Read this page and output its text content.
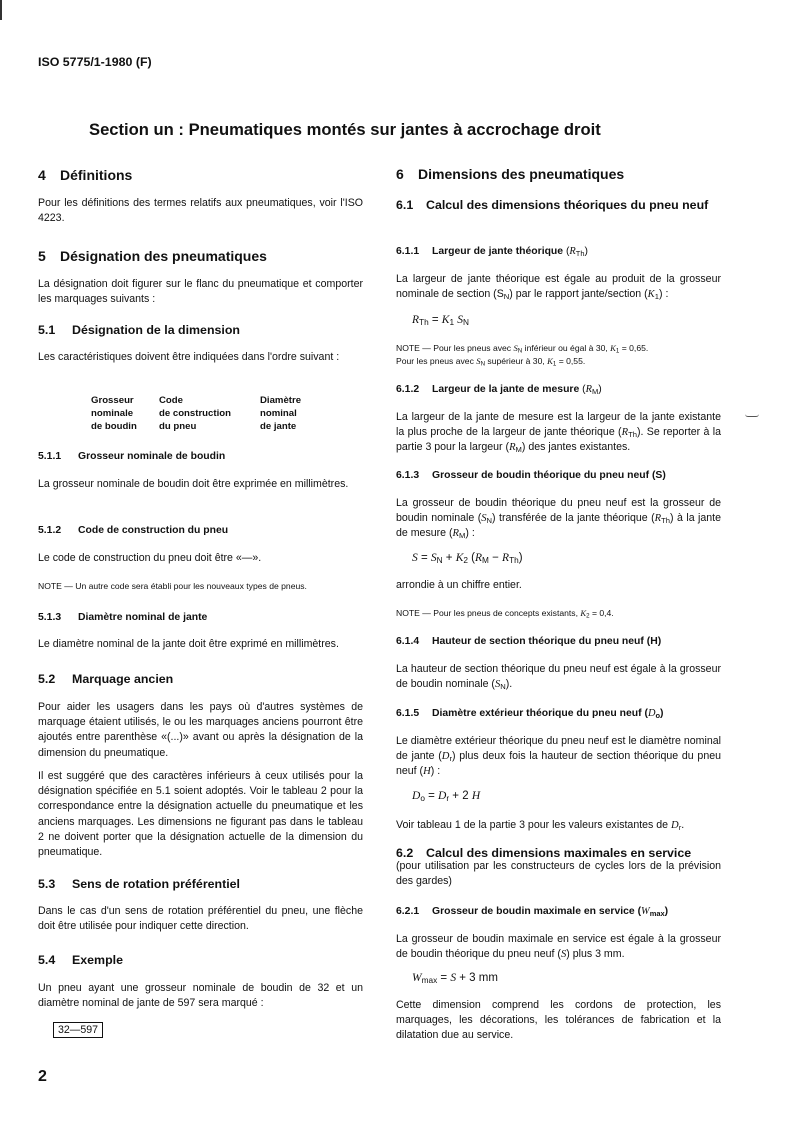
ISO 5775/1-1980 (F)
Section un : Pneumatiques montés sur jantes à accrochage droit
4 Définitions

Pour les définitions des termes relatifs aux pneumatiques, voir l'ISO 4223.

5 Désignation des pneumatiques

La désignation doit figurer sur le flanc du pneumatique et comporter les marquages suivants :

5.1 Désignation de la dimension

Les caractéristiques doivent être indiquées dans l'ordre suivant :

Grosseur
nominale
de boudin
Code
de construction
du pneu
Diamètre
nominal
de jante
5.1.1 Grosseur nominale de boudin

La grosseur nominale de boudin doit être exprimée en millimètres.

5.1.2 Code de construction du pneu

Le code de construction du pneu doit être «—».

NOTE — Un autre code sera établi pour les nouveaux types de pneus.

5.1.3 Diamètre nominal de jante

Le diamètre nominal de la jante doit être exprimé en millimètres.

5.2 Marquage ancien

Pour aider les usagers dans les pays où d'autres systèmes de marquage étaient utilisés, le ou les marquages anciens pourront être ajoutés entre parenthèse «(...)» avant ou après la désignation de la dimension du pneumatique.

Il est suggéré que des caractères inférieurs à ceux utilisés pour la désignation spécifiée en 5.1 soient adoptés. Voir le tableau 2 pour la correspondance entre la désignation actuelle du pneumatique et les anciens marquages. Les dimensions ne figurant pas dans le tableau 2 ne doivent porter que la désignation actuelle de la dimension du pneumatique.

5.3 Sens de rotation préférentiel

Dans le cas d'un sens de rotation préférentiel du pneu, une flèche doit être utilisée pour indiquer cette direction.

5.4 Exemple

Un pneu ayant une grosseur nominale de boudin de 32 et un diamètre nominal de jante de 597 sera marqué :

32—597
2
6 Dimensions des pneumatiques
6.1 Calcul des dimensions théoriques du pneu neuf
6.1.1 Largeur de jante théorique $(R_{Th})$

La largeur de jante théorique est égale au produit de la grosseur nominale de section $(S_N)$ par le rapport jante/section $(K_1)$ :

$R_{Th} = K_1$ $S_N$

NOTE — Pour les pneus avec $S_N$ inférieur ou égal à 30, $K_1 = 0,65$.
Pour les pneus avec $S_N$ supérieur à 30, $K_1 = 0,55$.

6.1.2 Largeur de la jante de mesure $(R_M)$

La largeur de la jante de mesure est la largeur de la jante existante la plus proche de la largeur de jante théorique $(R_{Th})$. Se reporter à la partie 3 pour la largeur $(R_M)$ des jantes existantes.

6.1.3 Grosseur de boudin théorique du pneu neuf (S)

La grosseur de boudin théorique du pneu neuf est la grosseur de boudin nominale $(S_N)$ transférée de la jante théorique $(R_{Th})$ à la jante de mesure $(R_M)$ :

$S = S_N + K_2$ $(R_M - R_{Th})$

arrondie à un chiffre entier.

NOTE — Pour les pneus de concepts existants, $K_2 = 0,4$.

6.1.4 Hauteur de section théorique du pneu neuf (H)

La hauteur de section théorique du pneu neuf est égale à la grosseur de boudin nominale $(S_N)$.

6.1.5 Diamètre extérieur théorique du pneu neuf $(D_o)$

Le diamètre extérieur théorique du pneu neuf est le diamètre nominal de jante $(D_r)$ plus deux fois la hauteur de section théorique du pneu neuf (H) :

$D_o = D_r + 2$ H

Voir tableau 1 de la partie 3 pour les valeurs existantes de $D_r$.

6.2 Calcul des dimensions maximales en service

(pour utilisation par les constructeurs de cycles lors de la prévision des gardes)

6.2.1 Grosseur de boudin maximale en service $(W_{max})$

La grosseur de boudin maximale en service est égale à la grosseur de boudin théorique du pneu neuf (S) plus 3 mm.

$W_{max} = S + 3$ mm

Cette dimension comprend les cordons de protection, les marquages, les décorations, les tolérances de fabrication et la dilatation due au service.
